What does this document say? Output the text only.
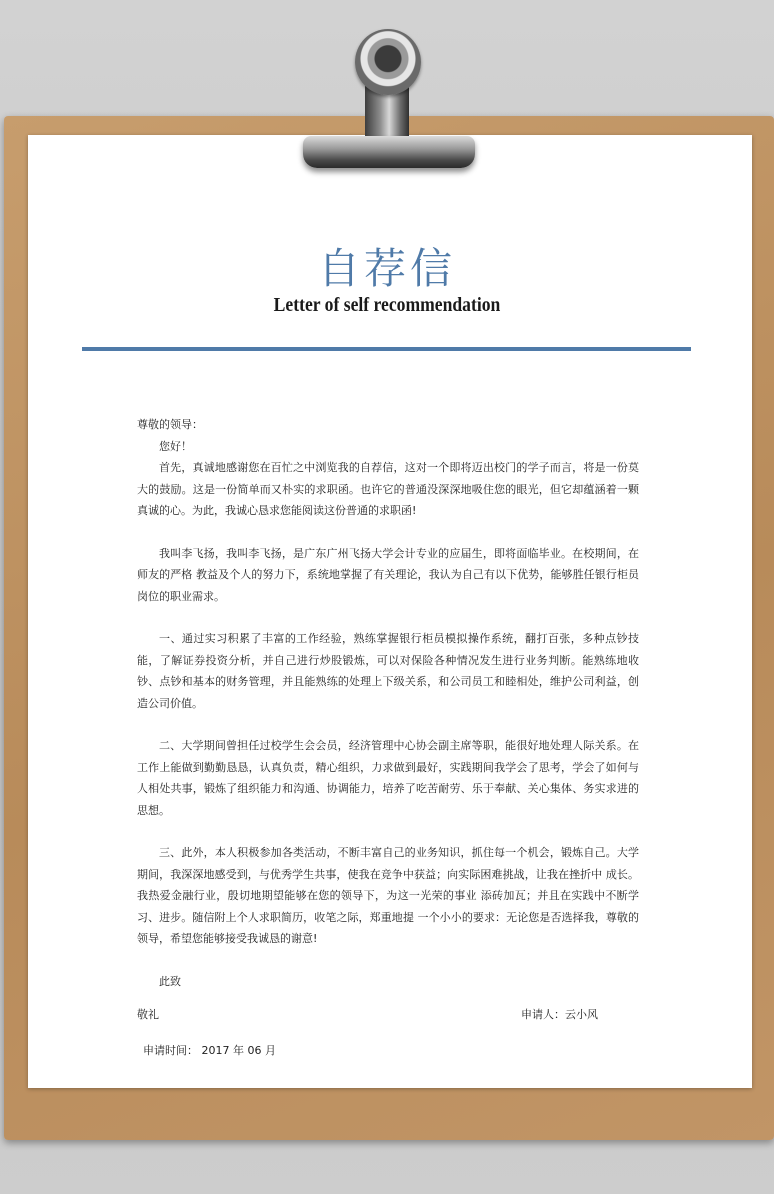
自荐信
Letter of self recommendation

尊敬的领导：

您好！

首先，真诚地感谢您在百忙之中浏览我的自荐信，这对一个即将迈出校门的学子而言，将是一份莫大的鼓励。这是一份简单而又朴实的求职函。也许它的普通没深深地吸住您的眼光，但它却蕴涵着一颗真诚的心。为此，我诚心恳求您能阅读这份普通的求职函!

我叫李飞扬，我叫李飞扬，是广东广州飞扬大学会计专业的应届生，即将面临毕业。在校期间，在师友的严格 教益及个人的努力下，系统地掌握了有关理论，我认为自己有以下优势，能够胜任银行柜员岗位的职业需求。

一、通过实习积累了丰富的工作经验，熟练掌握银行柜员模拟操作系统，翻打百张，多种点钞技能，了解证券投资分析，并自己进行炒股锻炼，可以对保险各种情况发生进行业务判断。能熟练地收钞、点钞和基本的财务管理，并且能熟练的处理上下级关系，和公司员工和睦相处，维护公司利益，创造公司价值。

二、大学期间曾担任过校学生会会员，经济管理中心协会副主席等职，能很好地处理人际关系。在工作上能做到勤勤恳恳，认真负责，精心组织，力求做到最好，实践期间我学会了思考，学会了如何与人相处共事，锻炼了组织能力和沟通、协调能力，培养了吃苦耐劳、乐于奉献、关心集体、务实求进的思想。

三、此外，本人积极参加各类活动，不断丰富自己的业务知识，抓住每一个机会，锻炼自己。大学期间，我深深地感受到，与优秀学生共事，使我在竞争中获益；向实际困难挑战，让我在挫折中 成长。我热爱金融行业，殷切地期望能够在您的领导下，为这一光荣的事业 添砖加瓦；并且在实践中不断学习、进步。随信附上个人求职简历，收笔之际，郑重地提 一个小小的要求：无论您是否选择我，尊敬的领导，希望您能够接受我诚恳的谢意!

此致

敬礼	申请人：云小风

申请时间： 2017 年 06 月
